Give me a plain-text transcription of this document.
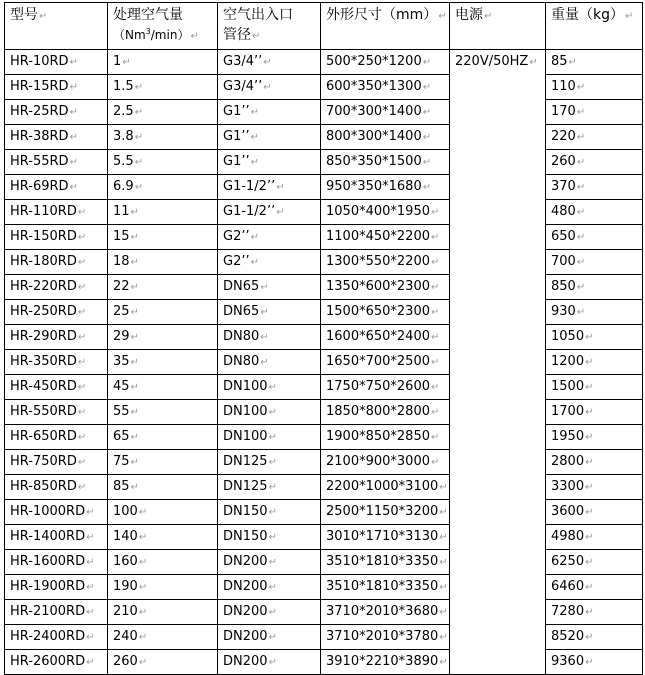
型号↵	处理空气量
（Nm$^3$/min）↵	空气出入口
管径↵	外形尺寸（mm）↵	电源↵	重量（kg）↵
HR-10RD↵	1↵	G3/4’’↵	500*250*1200↵	220V/50HZ↵	85↵
HR-15RD↵	1.5↵	G3/4’’↵	600*350*1300↵		110↵
HR-25RD↵	2.5↵	G1’’↵	700*300*1400↵		170↵
HR-38RD↵	3.8↵	G1’’↵	800*300*1400↵		220↵
HR-55RD↵	5.5↵	G1’’↵	850*350*1500↵		260↵
HR-69RD↵	6.9↵	G1-1/2’’↵	950*350*1680↵		370↵
HR-110RD↵	11↵	G1-1/2’’↵	1050*400*1950↵		480↵
HR-150RD↵	15↵	G2’’↵	1100*450*2200↵		650↵
HR-180RD↵	18↵	G2’’↵	1300*550*2200↵		700↵
HR-220RD↵	22↵	DN65↵	1350*600*2300↵		850↵
HR-250RD↵	25↵	DN65↵	1500*650*2300↵		930↵
HR-290RD↵	29↵	DN80↵	1600*650*2400↵		1050↵
HR-350RD↵	35↵	DN80↵	1650*700*2500↵		1200↵
HR-450RD↵	45↵	DN100↵	1750*750*2600↵		1500↵
HR-550RD↵	55↵	DN100↵	1850*800*2800↵		1700↵
HR-650RD↵	65↵	DN100↵	1900*850*2850↵		1950↵
HR-750RD↵	75↵	DN125↵	2100*900*3000↵		2800↵
HR-850RD↵	85↵	DN125↵	2200*1000*3100↵		3300↵
HR-1000RD↵	100↵	DN150↵	2500*1150*3200↵		3600↵
HR-1400RD↵	140↵	DN150↵	3010*1710*3130↵		4980↵
HR-1600RD↵	160↵	DN200↵	3510*1810*3350↵		6250↵
HR-1900RD↵	190↵	DN200↵	3510*1810*3350↵		6460↵
HR-2100RD↵	210↵	DN200↵	3710*2010*3680↵		7280↵
HR-2400RD↵	240↵	DN200↵	3710*2010*3780↵		8520↵
HR-2600RD↵	260↵	DN200↵	3910*2210*3890↵		9360↵
